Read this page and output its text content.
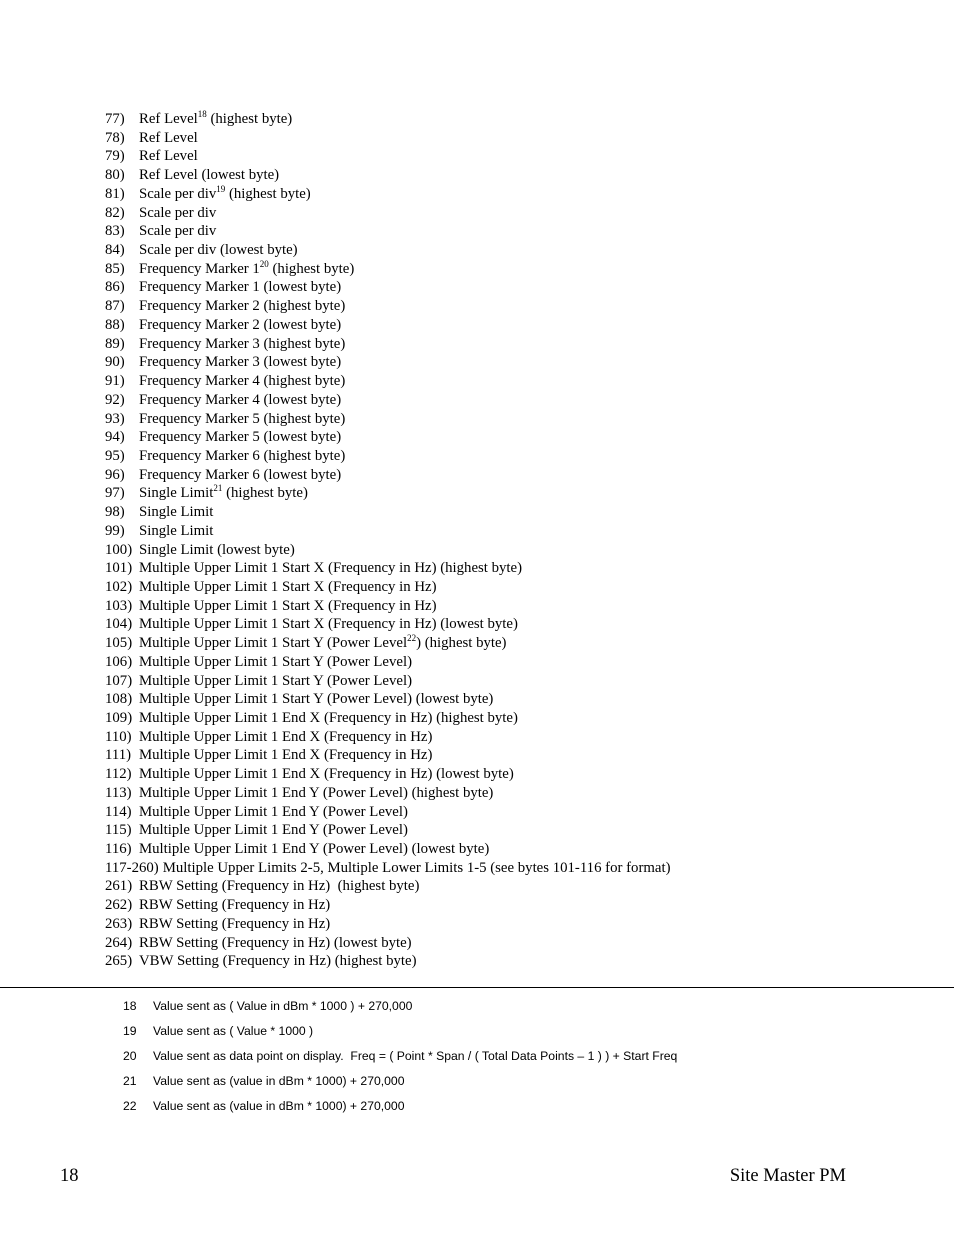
77) Ref Level$^{18}$ (highest byte)
78) Ref Level
79) Ref Level
80) Ref Level (lowest byte)
81) Scale per div$^{19}$ (highest byte)
82) Scale per div
83) Scale per div
84) Scale per div (lowest byte)
85) Frequency Marker $1^{20}$ (highest byte)
86) Frequency Marker 1 (lowest byte)
87) Frequency Marker 2 (highest byte)
88) Frequency Marker 2 (lowest byte)
89) Frequency Marker 3 (highest byte)
90) Frequency Marker 3 (lowest byte)
91) Frequency Marker 4 (highest byte)
92) Frequency Marker 4 (lowest byte)
93) Frequency Marker 5 (highest byte)
94) Frequency Marker 5 (lowest byte)
95) Frequency Marker 6 (highest byte)
96) Frequency Marker 6 (lowest byte)
97) Single Limit$^{21}$ (highest byte)
98) Single Limit
99) Single Limit
100) Single Limit (lowest byte)
101) Multiple Upper Limit 1 Start X (Frequency in Hz) (highest byte)
102) Multiple Upper Limit 1 Start X (Frequency in Hz)
103) Multiple Upper Limit 1 Start X (Frequency in Hz)
104) Multiple Upper Limit 1 Start X (Frequency in Hz) (lowest byte)
105) Multiple Upper Limit 1 Start Y (Power Level$^{22}$) (highest byte)
106) Multiple Upper Limit 1 Start Y (Power Level)
107) Multiple Upper Limit 1 Start Y (Power Level)
108) Multiple Upper Limit 1 Start Y (Power Level) (lowest byte)
109) Multiple Upper Limit 1 End X (Frequency in Hz) (highest byte)
110) Multiple Upper Limit 1 End X (Frequency in Hz)
111) Multiple Upper Limit 1 End X (Frequency in Hz)
112) Multiple Upper Limit 1 End X (Frequency in Hz) (lowest byte)
113) Multiple Upper Limit 1 End Y (Power Level) (highest byte)
114) Multiple Upper Limit 1 End Y (Power Level)
115) Multiple Upper Limit 1 End Y (Power Level)
116) Multiple Upper Limit 1 End Y (Power Level) (lowest byte)
117-260) Multiple Upper Limits 2-5, Multiple Lower Limits 1-5 (see bytes 101-116 for format)
261) RBW Setting (Frequency in Hz)  (highest byte)
262) RBW Setting (Frequency in Hz)
263) RBW Setting (Frequency in Hz)
264) RBW Setting (Frequency in Hz) (lowest byte)
265) VBW Setting (Frequency in Hz) (highest byte)
18	Value sent as ( Value in dBm * 1000 ) + 270,000
19	Value sent as ( Value * 1000 )
20	Value sent as data point on display.  Freq = ( Point * Span / ( Total Data Points – 1 ) ) + Start Freq
21	Value sent as (value in dBm * 1000) + 270,000
22	Value sent as (value in dBm * 1000) + 270,000
18	Site Master PM
